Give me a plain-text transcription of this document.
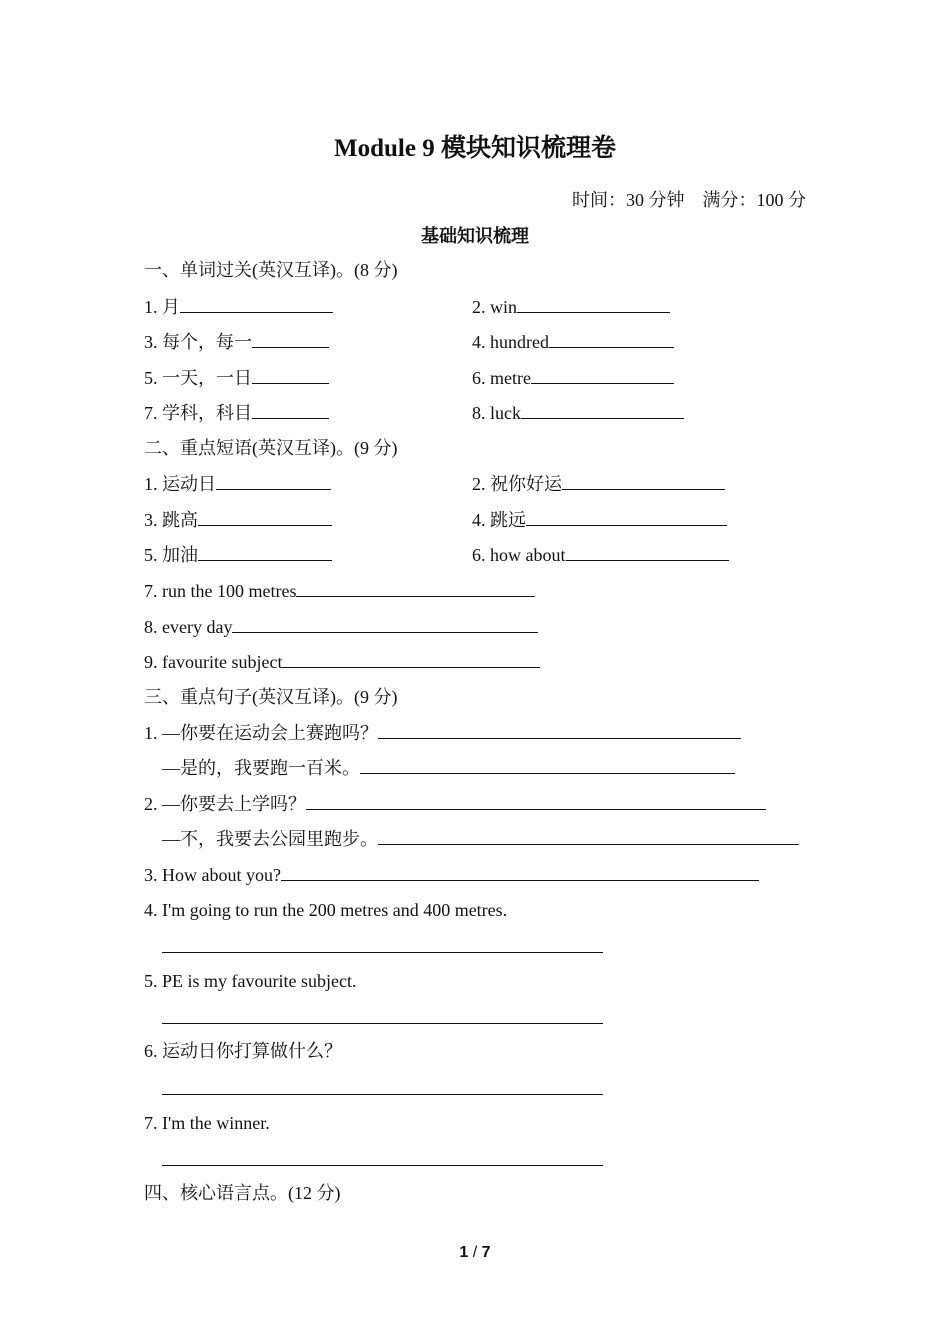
Module 9 模块知识梳理卷
时间：30 分钟 满分：100 分
基础知识梳理
一、单词过关(英汉互译)。(8 分)
1. 月	2. win
3. 每个，每一	4. hundred
5. 一天，一日	6. metre
7. 学科，科目	8. luck
二、重点短语(英汉互译)。(9 分)
1. 运动日	2. 祝你好运
3. 跳高	4. 跳远
5. 加油	6. how about
7. run the 100 metres
8. every day
9. favourite subject
三、重点句子(英汉互译)。(9 分)
1. —你要在运动会上赛跑吗？
—是的，我要跑一百米。
2. —你要去上学吗？
—不，我要去公园里跑步。
3. How about you?
4. I'm going to run the 200 metres and 400 metres.
5. PE is my favourite subject.
6. 运动日你打算做什么？
7. I'm the winner.
四、核心语言点。(12 分)
1 / 7
